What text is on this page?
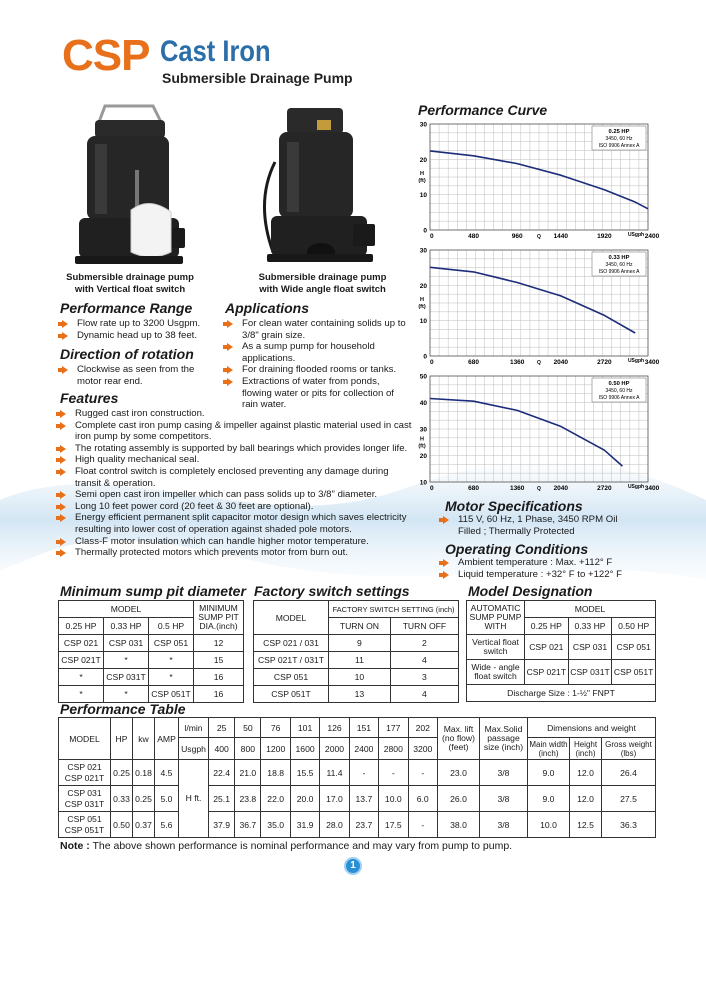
CSP Cast Iron
Submersible Drainage Pump
Submersible drainage pump
with Vertical float switch
Submersible drainage pump
with Wide angle float switch
Performance Range
Flow rate up to 3200 Usgpm.
Dynamic head up to 38 feet.
Direction of rotation
Clockwise as seen from the motor rear end.
Applications
For clean water containing solids up to 3/8" grain size.
As a sump pump for household applications.
For draining flooded rooms or tanks.
Extractions of water from ponds, flowing water or pits for collection of rain water.
Features
Rugged cast iron construction.
Complete cast iron pump casing & impeller against plastic material used in cast iron pump by some competitors.
The rotating assembly is supported by ball bearings which provides longer life.
High quality mechanical seal.
Float control switch is completely enclosed preventing any damage during transit & operation.
Semi open cast iron impeller which can pass solids up to 3/8" diameter.
Long 10 feet power cord (20 feet & 30 feet are optional).
Energy efficient permanent split capacitor motor design which saves electricity resulting into lower cost of operation against shaded pole motors.
Class-F motor insulation which can handle higher motor temperature.
Thermally protected motors which prevents motor from burn out.
Performance Curve
0
10
20
30
H
(ft)
0	480	960	1440	1920	2400
Q	USgph
0.25 HP
3450, 60 Hz
ISO 9906 Annex A
0
10
20
30
H
(ft)
0	680	1360	2040	2720	3400
Q	USgph
0.33 HP
3450, 60 Hz
ISO 9906 Annex A
10
20
30
40
50
H
(ft)
0	680	1360	2040	2720	3400
Q	USgph
0.50 HP
3450, 60 Hz
ISO 9906 Annex A
Motor Specifications
115 V, 60 Hz, 1 Phase, 3450 RPM Oil Filled ; Thermally Protected
Operating Conditions
Ambient temperature : Max. +112° F
Liquid temperature : +32° F to +122° F
Minimum sump pit diameter
MODEL			MINIMUM SUMP PIT DIA.(inch)
0.25 HP	0.33 HP	0.5 HP	
CSP 021	CSP 031	CSP 051	12
CSP 021T	*	*	15
*	CSP 031T	*	16
*	*	CSP 051T	16
Factory switch settings
MODEL	FACTORY SWITCH SETTING (inch)	
	TURN ON	TURN OFF
CSP 021 / 031	9	2
CSP 021T / 031T	11	4
CSP 051	10	3
CSP 051T	13	4
Model Designation
AUTOMATIC SUMP PUMP WITH	MODEL		
	0.25 HP	0.33 HP	0.50 HP
Vertical float switch	CSP 021	CSP 031	CSP 051
Wide - angle float switch	CSP 021T	CSP 031T	CSP 051T
Discharge Size : 1-½" FNPT			
Performance Table
MODEL	HP	kw	AMP	l/min	25	50	76	101	126	151	177	202	Max. lift (no flow) (feet)	Max.Solid passage size (inch)	Dimensions and weight		
				Usgph	400	800	1200	1600	2000	2400	2800	3200			Main width (inch)	Height (inch)	Gross weight (lbs)

CSP 021
CSP 021T	0.25	0.18	4.5	H ft.	22.4	21.0	18.8	15.5	11.4	-	-	-	23.0	3/8	9.0	12.0	26.4

CSP 031
CSP 031T	0.33	0.25	5.0		25.1	23.8	22.0	20.0	17.0	13.7	10.0	6.0	26.0	3/8	9.0	12.0	27.5

CSP 051
CSP 051T	0.50	0.37	5.6		37.9	36.7	35.0	31.9	28.0	23.7	17.5	-	38.0	3/8	10.0	12.5	36.3
Note : The above shown performance is nominal performance and may vary from pump to pump.
1
